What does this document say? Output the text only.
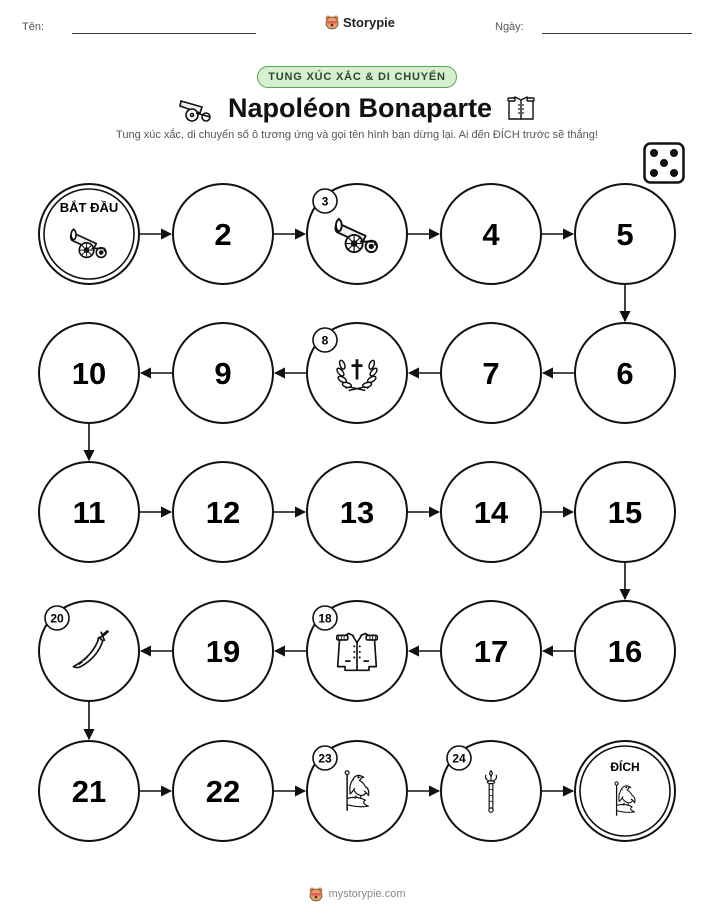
Tên:	Storypie	Ngày:
TUNG XÚC XẮC & DI CHUYỂN
Napoléon Bonaparte
Tung xúc xắc, di chuyển số ô tương ứng và gọi tên hình bạn dừng lại. Ai đến ĐÍCH trước sẽ thắng!
BẮT ĐẦU
2
3
4	5
6
7
8
9
10
11	12	13	14	15
16
17
18
19
20
21	22
23	24
ĐÍCH
mystorypie.com
